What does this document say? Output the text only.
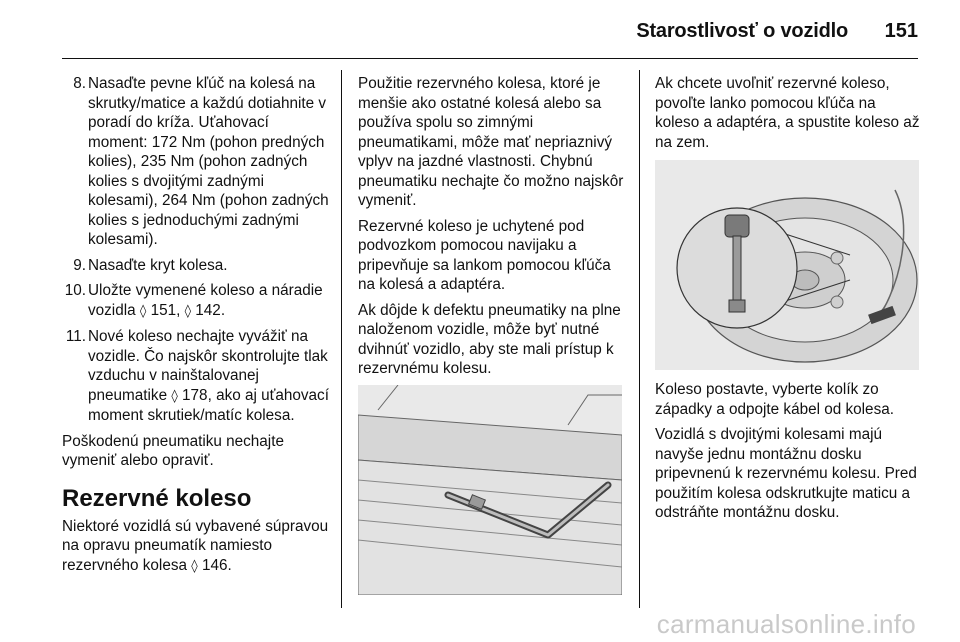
Starostlivosť o vozidlo 151
8. Nasaďte pevne kľúč na kolesá na skrutky/matice a každú dotiahnite v poradí do kríža. Uťahovací moment: 172 Nm (pohon predných kolies), 235 Nm (pohon zadných kolies s dvojitými zadnými kolesami), 264 Nm (pohon zadných kolies s jednoduchými zadnými kolesami).
9. Nasaďte kryt kolesa.
10. Uložte vymenené koleso a náradie vozidla ◊ 151, ◊ 142.
11. Nové koleso nechajte vyvážiť na vozidle. Čo najskôr skontrolujte tlak vzduchu v nainštalovanej pneumatike ◊ 178, ako aj uťahovací moment skrutiek/matíc kolesa.

Poškodenú pneumatiku nechajte vymeniť alebo opraviť.

Rezervné koleso

Niektoré vozidlá sú vybavené súpravou na opravu pneumatík namiesto rezervného kolesa ◊ 146.

Použitie rezervného kolesa, ktoré je menšie ako ostatné kolesá alebo sa používa spolu so zimnými pneumatikami, môže mať nepriaznivý vplyv na jazdné vlastnosti. Chybnú pneumatiku nechajte čo možno najskôr vymeniť.

Rezervné koleso je uchytené pod podvozkom pomocou navijaku a pripevňuje sa lankom pomocou kľúča na kolesá a adaptéra.

Ak dôjde k defektu pneumatiky na plne naloženom vozidle, môže byť nutné dvihnúť vozidlo, aby ste mali prístup k rezervnému kolesu.

Ak chcete uvoľniť rezervné koleso, povoľte lanko pomocou kľúča na koleso a adaptéra, a spustite koleso až na zem.

Koleso postavte, vyberte kolík zo západky a odpojte kábel od kolesa.

Vozidlá s dvojitými kolesami majú navyše jednu montážnu dosku pripevnenú k rezervnému kolesu. Pred použitím kolesa odskrutkujte maticu a odstráňte montážnu dosku.

carmanualsonline.info
